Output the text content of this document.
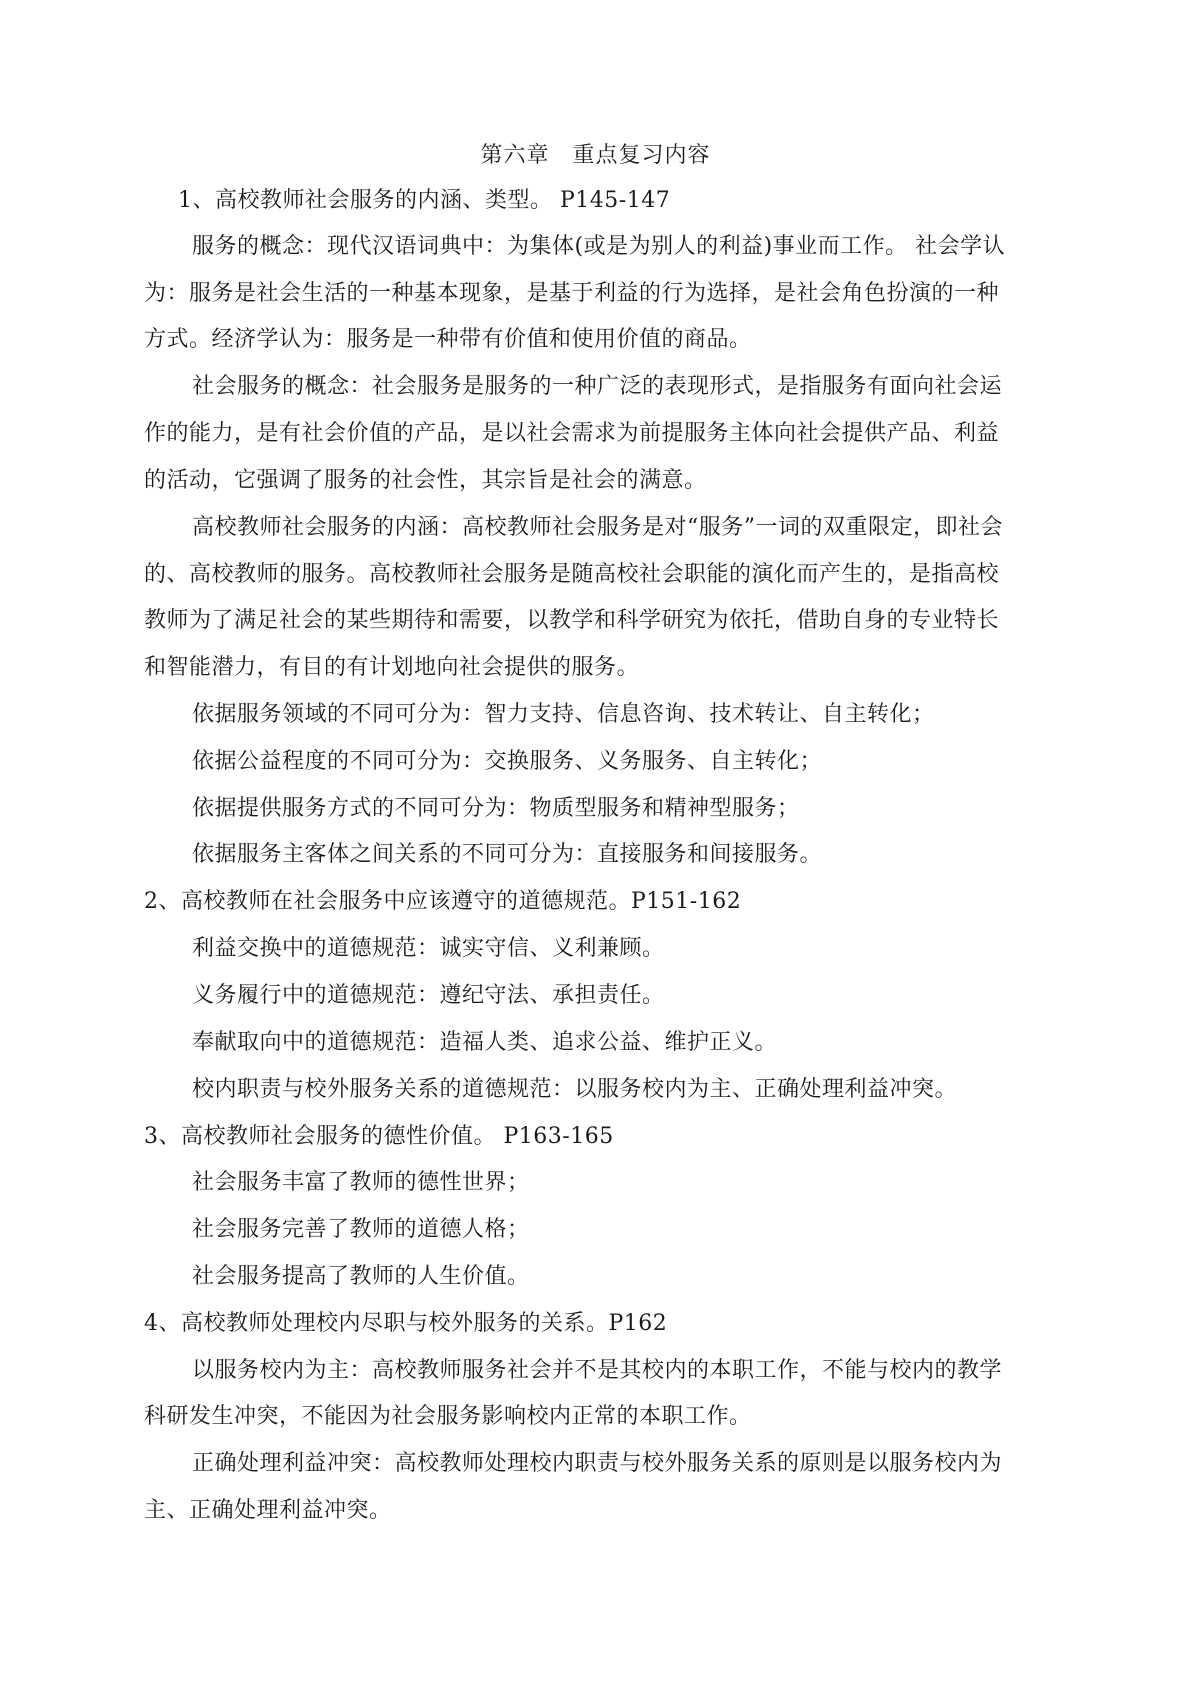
第六章　重点复习内容
1、高校教师社会服务的内涵、类型。 P145-147
服务的概念：现代汉语词典中：为集体(或是为别人的利益)事业而工作。 社会学认
为：服务是社会生活的一种基本现象，是基于利益的行为选择，是社会角色扮演的一种
方式。经济学认为：服务是一种带有价值和使用价值的商品。
社会服务的概念：社会服务是服务的一种广泛的表现形式，是指服务有面向社会运
作的能力，是有社会价值的产品，是以社会需求为前提服务主体向社会提供产品、利益
的活动，它强调了服务的社会性，其宗旨是社会的满意。
高校教师社会服务的内涵：高校教师社会服务是对“服务”一词的双重限定，即社会
的、高校教师的服务。高校教师社会服务是随高校社会职能的演化而产生的，是指高校
教师为了满足社会的某些期待和需要，以教学和科学研究为依托，借助自身的专业特长
和智能潜力，有目的有计划地向社会提供的服务。
依据服务领域的不同可分为：智力支持、信息咨询、技术转让、自主转化；
依据公益程度的不同可分为：交换服务、义务服务、自主转化；
依据提供服务方式的不同可分为：物质型服务和精神型服务；
依据服务主客体之间关系的不同可分为：直接服务和间接服务。
2、高校教师在社会服务中应该遵守的道德规范。P151-162
利益交换中的道德规范：诚实守信、义利兼顾。
义务履行中的道德规范：遵纪守法、承担责任。
奉献取向中的道德规范：造福人类、追求公益、维护正义。
校内职责与校外服务关系的道德规范：以服务校内为主、正确处理利益冲突。
3、高校教师社会服务的德性价值。 P163-165
社会服务丰富了教师的德性世界；
社会服务完善了教师的道德人格；
社会服务提高了教师的人生价值。
4、高校教师处理校内尽职与校外服务的关系。P162
以服务校内为主：高校教师服务社会并不是其校内的本职工作，不能与校内的教学
科研发生冲突，不能因为社会服务影响校内正常的本职工作。
正确处理利益冲突：高校教师处理校内职责与校外服务关系的原则是以服务校内为
主、正确处理利益冲突。
